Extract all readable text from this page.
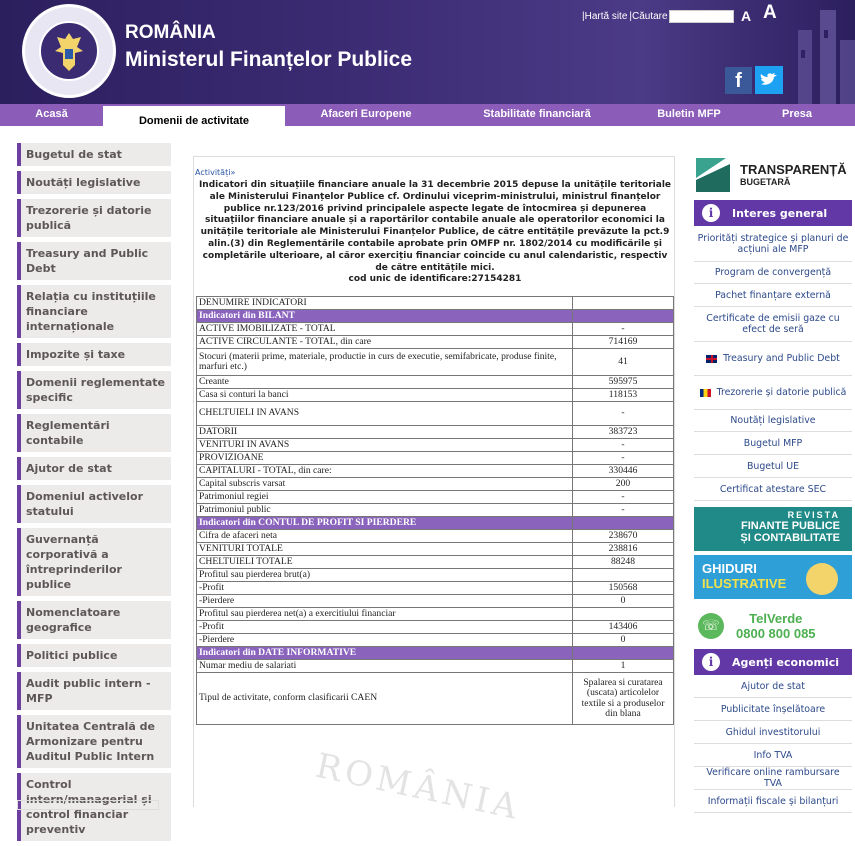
ROMÂNIA
Ministerul Finanțelor Publice
|Hartă site |Căutare	A A
f
Acasă	Afaceri Europene	Stabilitate financiară	Buletin MFP	Presa
Domenii de activitate
Bugetul de stat
Noutăți legislative
Trezorerie și datorie publică
Treasury and Public Debt
Relația cu instituțiile financiare internaționale
Impozite și taxe
Domenii reglementate specific
Reglementări contabile
Ajutor de stat
Domeniul activelor statului
Guvernanță corporativă a întreprinderilor publice
Nomenclatoare geografice
Politici publice
Audit public intern - MFP
Unitatea Centrală de Armonizare pentru Auditul Public Intern
Control intern/managerial și control financiar preventiv
Activități»
Indicatori din situațiile financiare anuale la 31 decembrie 2015 depuse la unitățile teritoriale
ale Ministerului Finanțelor Publice cf. Ordinului viceprim-ministrului, ministrul finanțelor
publice nr.123/2016 privind principalele aspecte legate de întocmirea și depunerea
situațiilor financiare anuale și a raportărilor contabile anuale ale operatorilor economici la
unitățile teritoriale ale Ministerului Finanțelor Publice, de către entitățile prevăzute la pct.9
alin.(3) din Reglementările contabile aprobate prin OMFP nr. 1802/2014 cu modificările și
completările ulterioare, al căror exercițiu financiar coincide cu anul calendaristic, respectiv
de către entitățile mici.
cod unic de identificare:27154281
DENUMIRE INDICATORI	
Indicatori din BILANT	
ACTIVE IMOBILIZATE - TOTAL	-
ACTIVE CIRCULANTE - TOTAL, din care	714169
Stocuri (materii prime, materiale, productie in curs de executie, semifabricate, produse finite, marfuri etc.)	41
Creante	595975
Casa si conturi la banci	118153
CHELTUIELI IN AVANS	-
DATORII	383723
VENITURI IN AVANS	-
PROVIZIOANE	-
CAPITALURI - TOTAL, din care:	330446
Capital subscris varsat	200
Patrimoniul regiei	-
Patrimoniul public	-
Indicatori din CONTUL DE PROFIT SI PIERDERE	
Cifra de afaceri neta	238670
VENITURI TOTALE	238816
CHELTUIELI TOTALE	88248
Profitul sau pierderea brut(a)	
-Profit	150568
-Pierdere	0
Profitul sau pierderea net(a) a exercitiului financiar	
-Profit	143406
-Pierdere	0
Indicatori din DATE INFORMATIVE	
Numar mediu de salariati	1
Tipul de activitate, conform clasificarii CAEN	Spalarea si curatarea (uscata) articolelor textile si a produselor din blana
ROMÂNIA
TRANSPARENȚĂ
BUGETARĂ
i	Interes general
Priorități strategice și planuri de acțiuni ale MFP
Program de convergență
Pachet finanțare externă
Certificate de emisii gaze cu efect de seră
Treasury and Public Debt
Trezorerie și datorie publică
Noutăți legislative
Bugetul MFP
Bugetul UE
Certificat atestare SEC
REVISTA
FINANTE PUBLICE
ȘI CONTABILITATE
GHIDURI
ILUSTRATIVE
☏	TelVerde
0800 800 085
i	Agenți economici
Ajutor de stat
Publicitate înșelătoare
Ghidul investitorului
Info TVA
Verificare online rambursare TVA
Informații fiscale și bilanțuri
